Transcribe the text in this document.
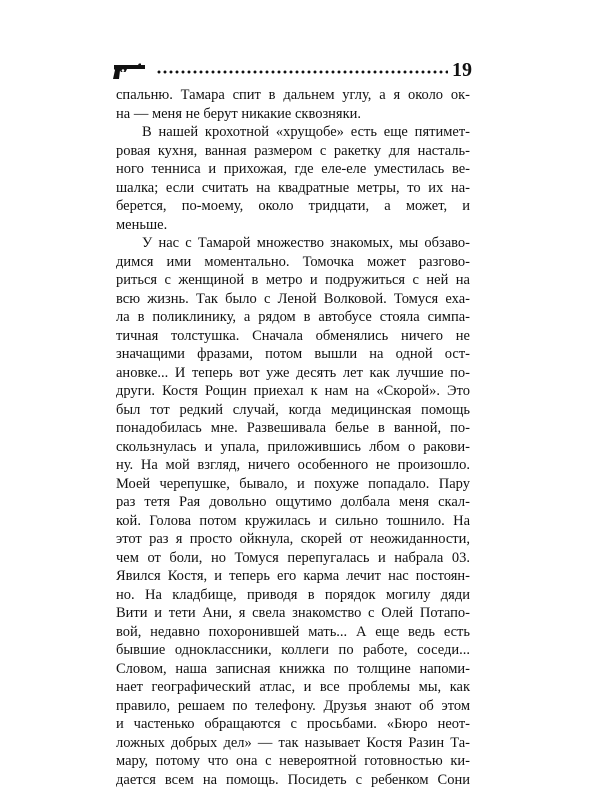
19
спальню. Тамара спит в дальнем углу, а я около ок-
на — меня не берут никакие сквозняки.
В нашей крохотной «хрущобе» есть еще пятимет-
ровая кухня, ванная размером с ракетку для насталь-
ного тенниса и прихожая, где еле-еле уместилась ве-
шалка; если считать на квадратные метры, то их на-
берется, по-моему, около тридцати, а может, и
меньше.
У нас с Тамарой множество знакомых, мы обзаво-
димся ими моментально. Томочка может разгово-
риться с женщиной в метро и подружиться с ней на
всю жизнь. Так было с Леной Волковой. Томуся еха-
ла в поликлинику, а рядом в автобусе стояла симпа-
тичная толстушка. Сначала обменялись ничего не
значащими фразами, потом вышли на одной ост-
ановке... И теперь вот уже десять лет как лучшие по-
други. Костя Рощин приехал к нам на «Скорой». Это
был тот редкий случай, когда медицинская помощь
понадобилась мне. Развешивала белье в ванной, по-
скользнулась и упала, приложившись лбом о ракови-
ну. На мой взгляд, ничего особенного не произошло.
Моей черепушке, бывало, и похуже попадало. Пару
раз тетя Рая довольно ощутимо долбала меня скал-
кой. Голова потом кружилась и сильно тошнило. На
этот раз я просто ойкнула, скорей от неожиданности,
чем от боли, но Томуся перепугалась и набрала 03.
Явился Костя, и теперь его карма лечит нас постоян-
но. На кладбище, приводя в порядок могилу дяди
Вити и тети Ани, я свела знакомство с Олей Потапо-
вой, недавно похоронившей мать... А еще ведь есть
бывшие одноклассники, коллеги по работе, соседи...
Словом, наша записная книжка по толщине напоми-
нает географический атлас, и все проблемы мы, как
правило, решаем по телефону. Друзья знают об этом
и частенько обращаются с просьбами. «Бюро неот-
ложных добрых дел» — так называет Костя Разин Та-
мару, потому что она с невероятной готовностью ки-
дается всем на помощь. Посидеть с ребенком Сони
